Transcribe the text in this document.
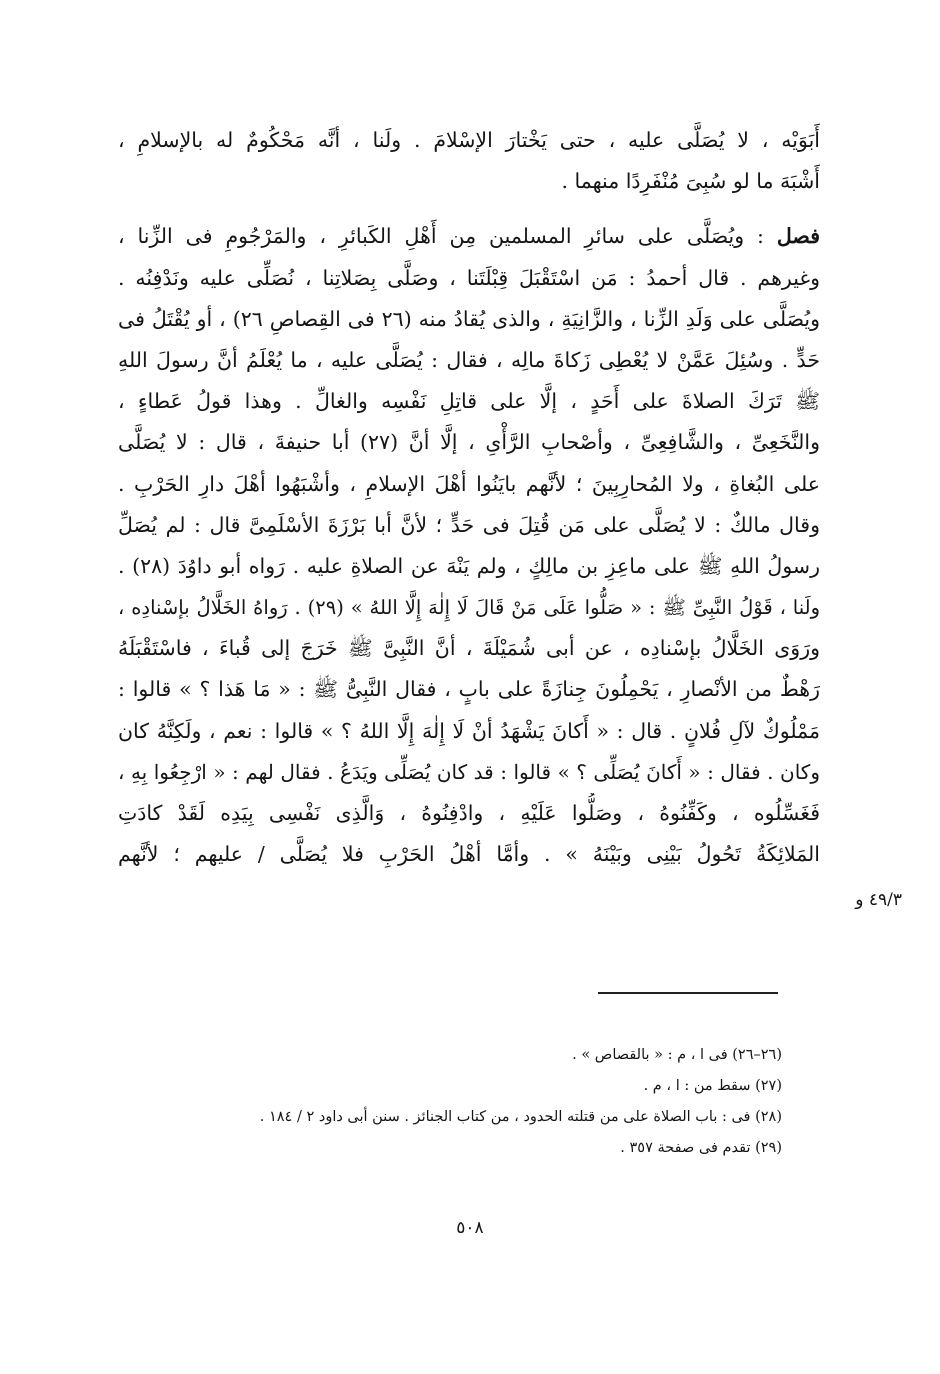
أَبَوَيْه ، لا يُصَلَّى عليه ، حتى يَخْتارَ الإسْلامَ . ولَنا ، أنَّه مَحْكُومٌ له بالإسلامِ ،
أَشْبَهَ ما لو سُبِىَ مُنْفَرِدًا منهما .
فصل : ويُصَلَّى على سائرِ المسلمين مِن أَهْلِ الكَبائرِ ، والمَرْجُومِ فى الزِّنا ،
وغيرهم . قال أحمدُ : مَن اسْتَقْبَلَ قِبْلَتَنا ، وصَلَّى بِصَلاتِنا ، نُصَلِّى عليه ونَدْفِنُه .
ويُصَلَّى على وَلَدِ الزِّنا ، والزَّانِيَةِ ، والذى يُقادُ منه (٢٦ فى القِصاصِ ٢٦) ، أو يُقْتَلُ فى
حَدٍّ . وسُئِلَ عَمَّنْ لا يُعْطِى زَكاةَ مالِه ، فقال : يُصَلَّى عليه ، ما يُعْلَمُ أنَّ رسولَ اللهِ
ﷺ تَرَكَ الصلاةَ على أَحَدٍ ، إلَّا على قاتِلِ نَفْسِه والغالِّ . وهذا قولُ عَطاءٍ ،
والنَّخَعِىِّ ، والشَّافِعِىِّ ، وأصْحابِ الرَّأْىِ ، إلَّا أنَّ (٢٧) أبا حنيفةَ ، قال : لا يُصَلَّى
على البُغاةِ ، ولا المُحارِبِينَ ؛ لأنَّهم بايَنُوا أهْلَ الإسلامِ ، وأشْبَهُوا أهْلَ دارِ الحَرْبِ .
وقال مالكٌ : لا يُصَلَّى على مَن قُتِلَ فى حَدٍّ ؛ لأنَّ أبا بَرْزَةَ الأسْلَمِىَّ قال : لم يُصَلِّ
رسولُ اللهِ ﷺ على ماعِزِ بن مالِكٍ ، ولم يَنْهَ عن الصلاةِ عليه . رَواه أبو داوُدَ (٢٨) .
ولَنا ، قَوْلُ النَّبِىِّ ﷺ : « صَلُّوا عَلَى مَنْ قَالَ لَا إِلٰهَ إِلَّا اللهُ » (٢٩) . رَواهُ الخَلَّالُ بإسْنادِه ،
ورَوَى الخَلَّالُ بإسْنادِه ، عن أبى شُمَيْلَةَ ، أنَّ النَّبِىَّ ﷺ خَرَجَ إلى قُباءَ ، فاسْتَقْبَلَهُ
رَهْطٌ من الأنْصارِ ، يَحْمِلُونَ جِنازَةً على بابٍ ، فقال النَّبِىُّ ﷺ : « مَا هَذا ؟ » قالوا :
مَمْلُوكٌ لآلِ فُلانٍ . قال : « أَكانَ يَشْهَدُ أنْ لَا إِلٰهَ إِلَّا اللهُ ؟ » قالوا : نعم ، ولَكِنَّهُ كان
وكان . فقال : « أَكانَ يُصَلِّى ؟ » قالوا : قد كان يُصَلِّى ويَدَعُ . فقال لهم : « ارْجِعُوا بِهِ ،
فَغَسِّلُوه ، وكَفِّنُوهُ ، وصَلُّوا عَلَيْهِ ، وادْفِنُوهُ ، وَالَّذِى نَفْسِى بِيَدِه لَقَدْ كادَتِ
المَلائِكَةُ تَحُولُ بَيْنِى وبَيْنَهُ » . وأمَّا أهْلُ الحَرْبِ فلا يُصَلَّى / عليهم ؛ لأنَّهم
٤٩/٣ و
(٢٦–٢٦) فى ا ، م : « بالقصاص » .
(٢٧) سقط من : ا ، م .
(٢٨) فى : باب الصلاة على من قتلته الحدود ، من كتاب الجنائز . سنن أبى داود ٢ / ١٨٤ .
(٢٩) تقدم فى صفحة ٣٥٧ .
٥٠٨
